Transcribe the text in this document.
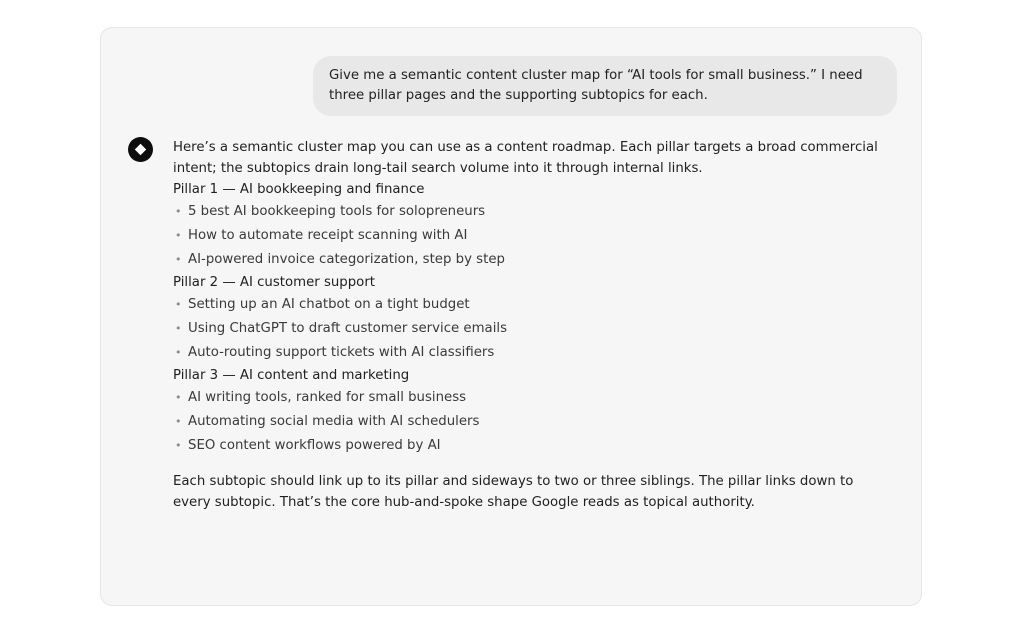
Give me a semantic content cluster map for “AI tools for small business.” I need three pillar pages and the supporting subtopics for each.

Here’s a semantic cluster map you can use as a content roadmap. Each pillar targets a broad commercial intent; the subtopics drain long-tail search volume into it through internal links.

Pillar 1 — AI bookkeeping and finance

• 5 best AI bookkeeping tools for solopreneurs
• How to automate receipt scanning with AI
• AI-powered invoice categorization, step by step

Pillar 2 — AI customer support

• Setting up an AI chatbot on a tight budget
• Using ChatGPT to draft customer service emails
• Auto-routing support tickets with AI classifiers

Pillar 3 — AI content and marketing

• AI writing tools, ranked for small business
• Automating social media with AI schedulers
• SEO content workflows powered by AI

Each subtopic should link up to its pillar and sideways to two or three siblings. The pillar links down to every subtopic. That’s the core hub-and-spoke shape Google reads as topical authority.
